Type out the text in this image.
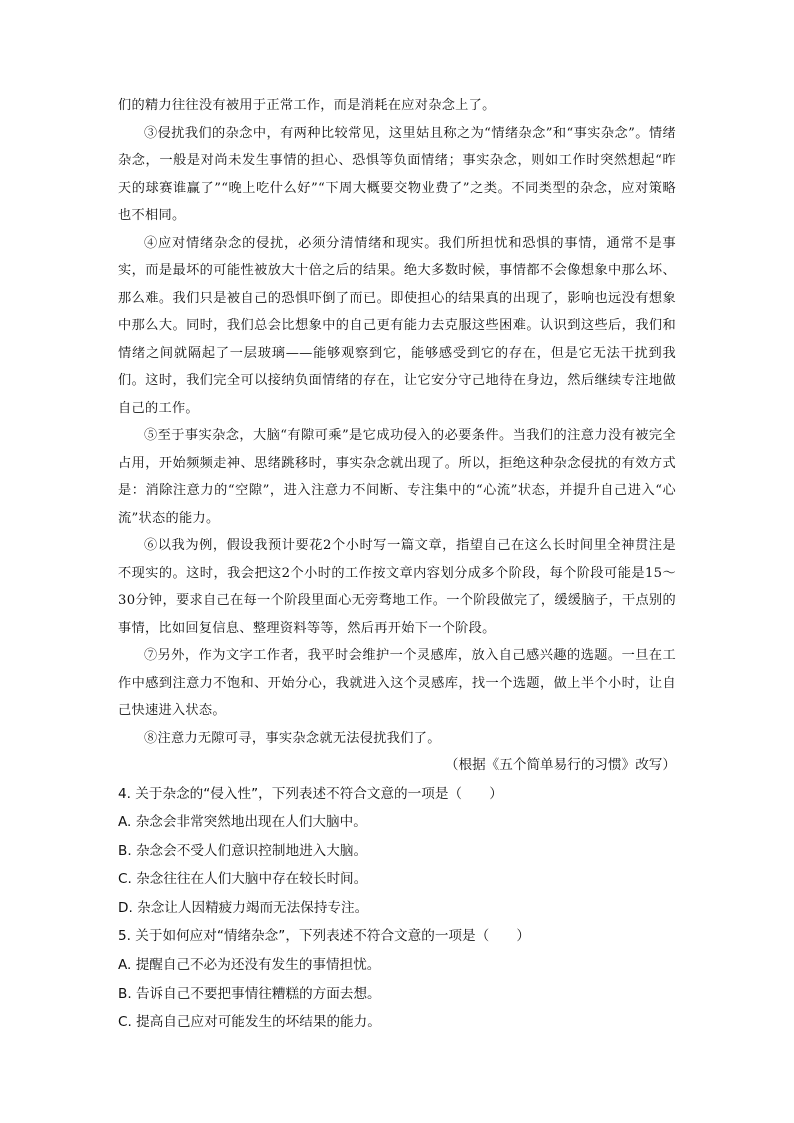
们的精力往往没有被用于正常工作，而是消耗在应对杂念上了。

③侵扰我们的杂念中，有两种比较常见，这里姑且称之为“情绪杂念”和“事实杂念”。情绪杂念，一般是对尚未发生事情的担心、恐惧等负面情绪；事实杂念，则如工作时突然想起“昨天的球赛谁赢了”“晚上吃什么好”“下周大概要交物业费了”之类。不同类型的杂念，应对策略也不相同。

④应对情绪杂念的侵扰，必须分清情绪和现实。我们所担忧和恐惧的事情，通常不是事实，而是最坏的可能性被放大十倍之后的结果。绝大多数时候，事情都不会像想象中那么坏、那么难。我们只是被自己的恐惧吓倒了而已。即使担心的结果真的出现了，影响也远没有想象中那么大。同时，我们总会比想象中的自己更有能力去克服这些困难。认识到这些后，我们和情绪之间就隔起了一层玻璃——能够观察到它，能够感受到它的存在，但是它无法干扰到我们。这时，我们完全可以接纳负面情绪的存在，让它安分守己地待在身边，然后继续专注地做自己的工作。

⑤至于事实杂念，大脑“有隙可乘”是它成功侵入的必要条件。当我们的注意力没有被完全占用，开始频频走神、思绪跳移时，事实杂念就出现了。所以，拒绝这种杂念侵扰的有效方式是：消除注意力的“空隙”，进入注意力不间断、专注集中的“心流”状态，并提升自己进入“心流”状态的能力。

⑥以我为例，假设我预计要花2个小时写一篇文章，指望自己在这么长时间里全神贯注是不现实的。这时，我会把这2个小时的工作按文章内容划分成多个阶段，每个阶段可能是15～30分钟，要求自己在每一个阶段里面心无旁骛地工作。一个阶段做完了，缓缓脑子，干点别的事情，比如回复信息、整理资料等等，然后再开始下一个阶段。

⑦另外，作为文字工作者，我平时会维护一个灵感库，放入自己感兴趣的选题。一旦在工作中感到注意力不饱和、开始分心，我就进入这个灵感库，找一个选题，做上半个小时，让自己快速进入状态。

⑧注意力无隙可寻，事实杂念就无法侵扰我们了。

（根据《五个简单易行的习惯》改写）

4. 关于杂念的“侵入性”，下列表述不符合文意的一项是（　　）

A. 杂念会非常突然地出现在人们大脑中。

B. 杂念会不受人们意识控制地进入大脑。

C. 杂念往往在人们大脑中存在较长时间。

D. 杂念让人因精疲力竭而无法保持专注。

5. 关于如何应对“情绪杂念”，下列表述不符合文意的一项是（　　）

A. 提醒自己不必为还没有发生的事情担忧。

B. 告诉自己不要把事情往糟糕的方面去想。

C. 提高自己应对可能发生的坏结果的能力。
